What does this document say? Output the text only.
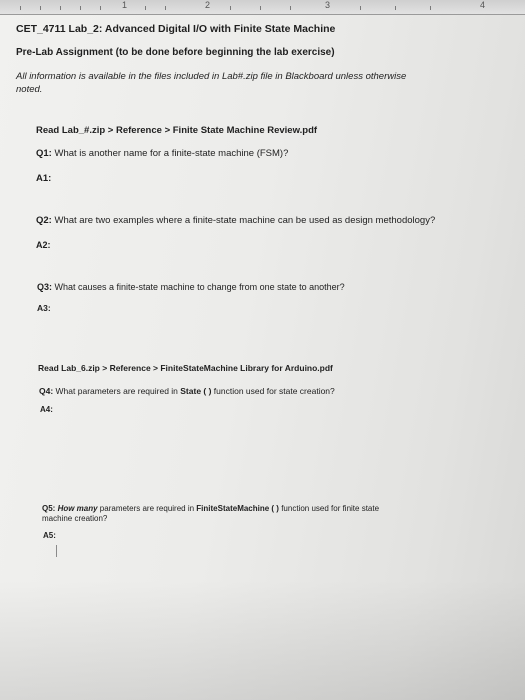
1	2	3	4
CET_4711 Lab_2: Advanced Digital I/O with Finite State Machine
Pre-Lab Assignment (to be done before beginning the lab exercise)
All information is available in the files included in Lab#.zip file in Blackboard unless otherwise
noted.
Read Lab_#.zip > Reference > Finite State Machine Review.pdf
Q1: What is another name for a finite-state machine (FSM)?
A1:
Q2: What are two examples where a finite-state machine can be used as design methodology?
A2:
Q3: What causes a finite-state machine to change from one state to another?
A3:
Read Lab_6.zip > Reference > FiniteStateMachine Library for Arduino.pdf
Q4: What parameters are required in State ( ) function used for state creation?
A4:
Q5: How many parameters are required in FiniteStateMachine ( ) function used for finite state
machine creation?
A5:
